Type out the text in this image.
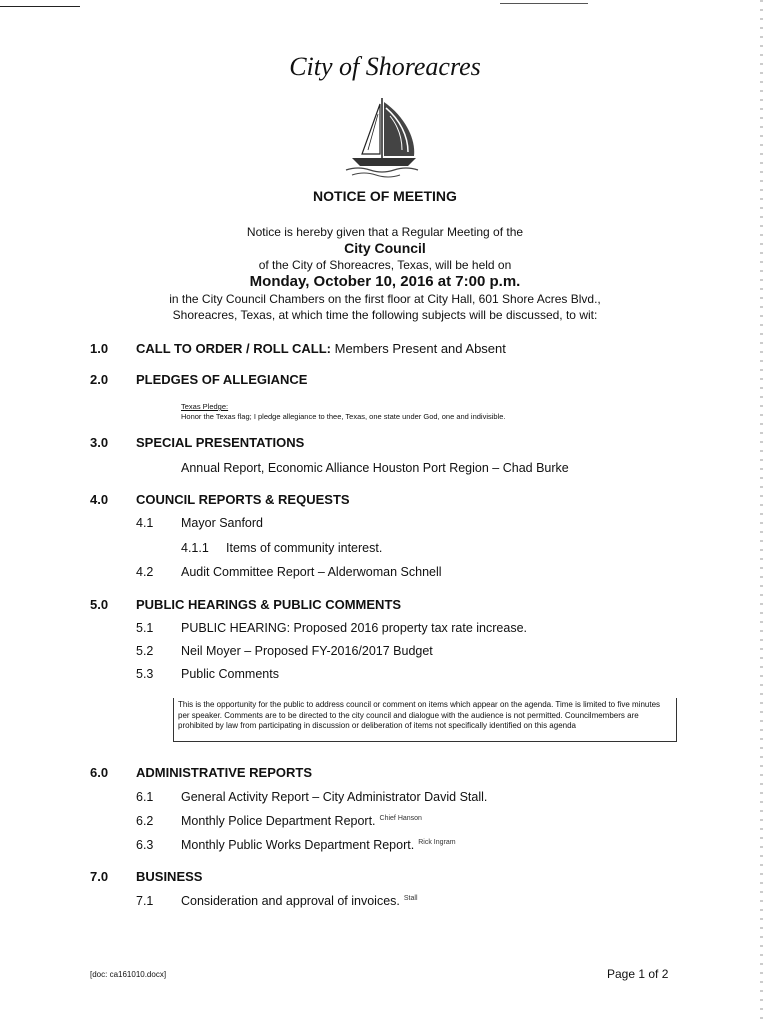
City of Shoreacres
NOTICE OF MEETING
Notice is hereby given that a Regular Meeting of the
City Council
of the City of Shoreacres, Texas, will be held on
Monday, October 10, 2016 at 7:00 p.m.
in the City Council Chambers on the first floor at City Hall, 601 Shore Acres Blvd.,
Shoreacres, Texas, at which time the following subjects will be discussed, to wit:
1.0 CALL TO ORDER / ROLL CALL: Members Present and Absent
2.0 PLEDGES OF ALLEGIANCE
Texas Pledge:
Honor the Texas flag; I pledge allegiance to thee, Texas, one state under God, one and indivisible.
3.0 SPECIAL PRESENTATIONS
Annual Report, Economic Alliance Houston Port Region – Chad Burke
4.0 COUNCIL REPORTS & REQUESTS
4.1 Mayor Sanford
4.1.1 Items of community interest.
4.2 Audit Committee Report – Alderwoman Schnell
5.0 PUBLIC HEARINGS & PUBLIC COMMENTS
5.1 PUBLIC HEARING: Proposed 2016 property tax rate increase.
5.2 Neil Moyer – Proposed FY-2016/2017 Budget
5.3 Public Comments
This is the opportunity for the public to address council or comment on items which appear on the agenda. Time is limited to five minutes per speaker. Comments are to be directed to the city council and dialogue with the audience is not permitted. Councilmembers are prohibited by law from participating in discussion or deliberation of items not specifically identified on this agenda
6.0 ADMINISTRATIVE REPORTS
6.1 General Activity Report – City Administrator David Stall.
6.2 Monthly Police Department Report. $^{Chief Hanson}$
6.3 Monthly Public Works Department Report. $^{Rick Ingram}$
7.0 BUSINESS
7.1 Consideration and approval of invoices. $^{Stall}$
[doc: ca161010.docx]	Page 1 of 2
